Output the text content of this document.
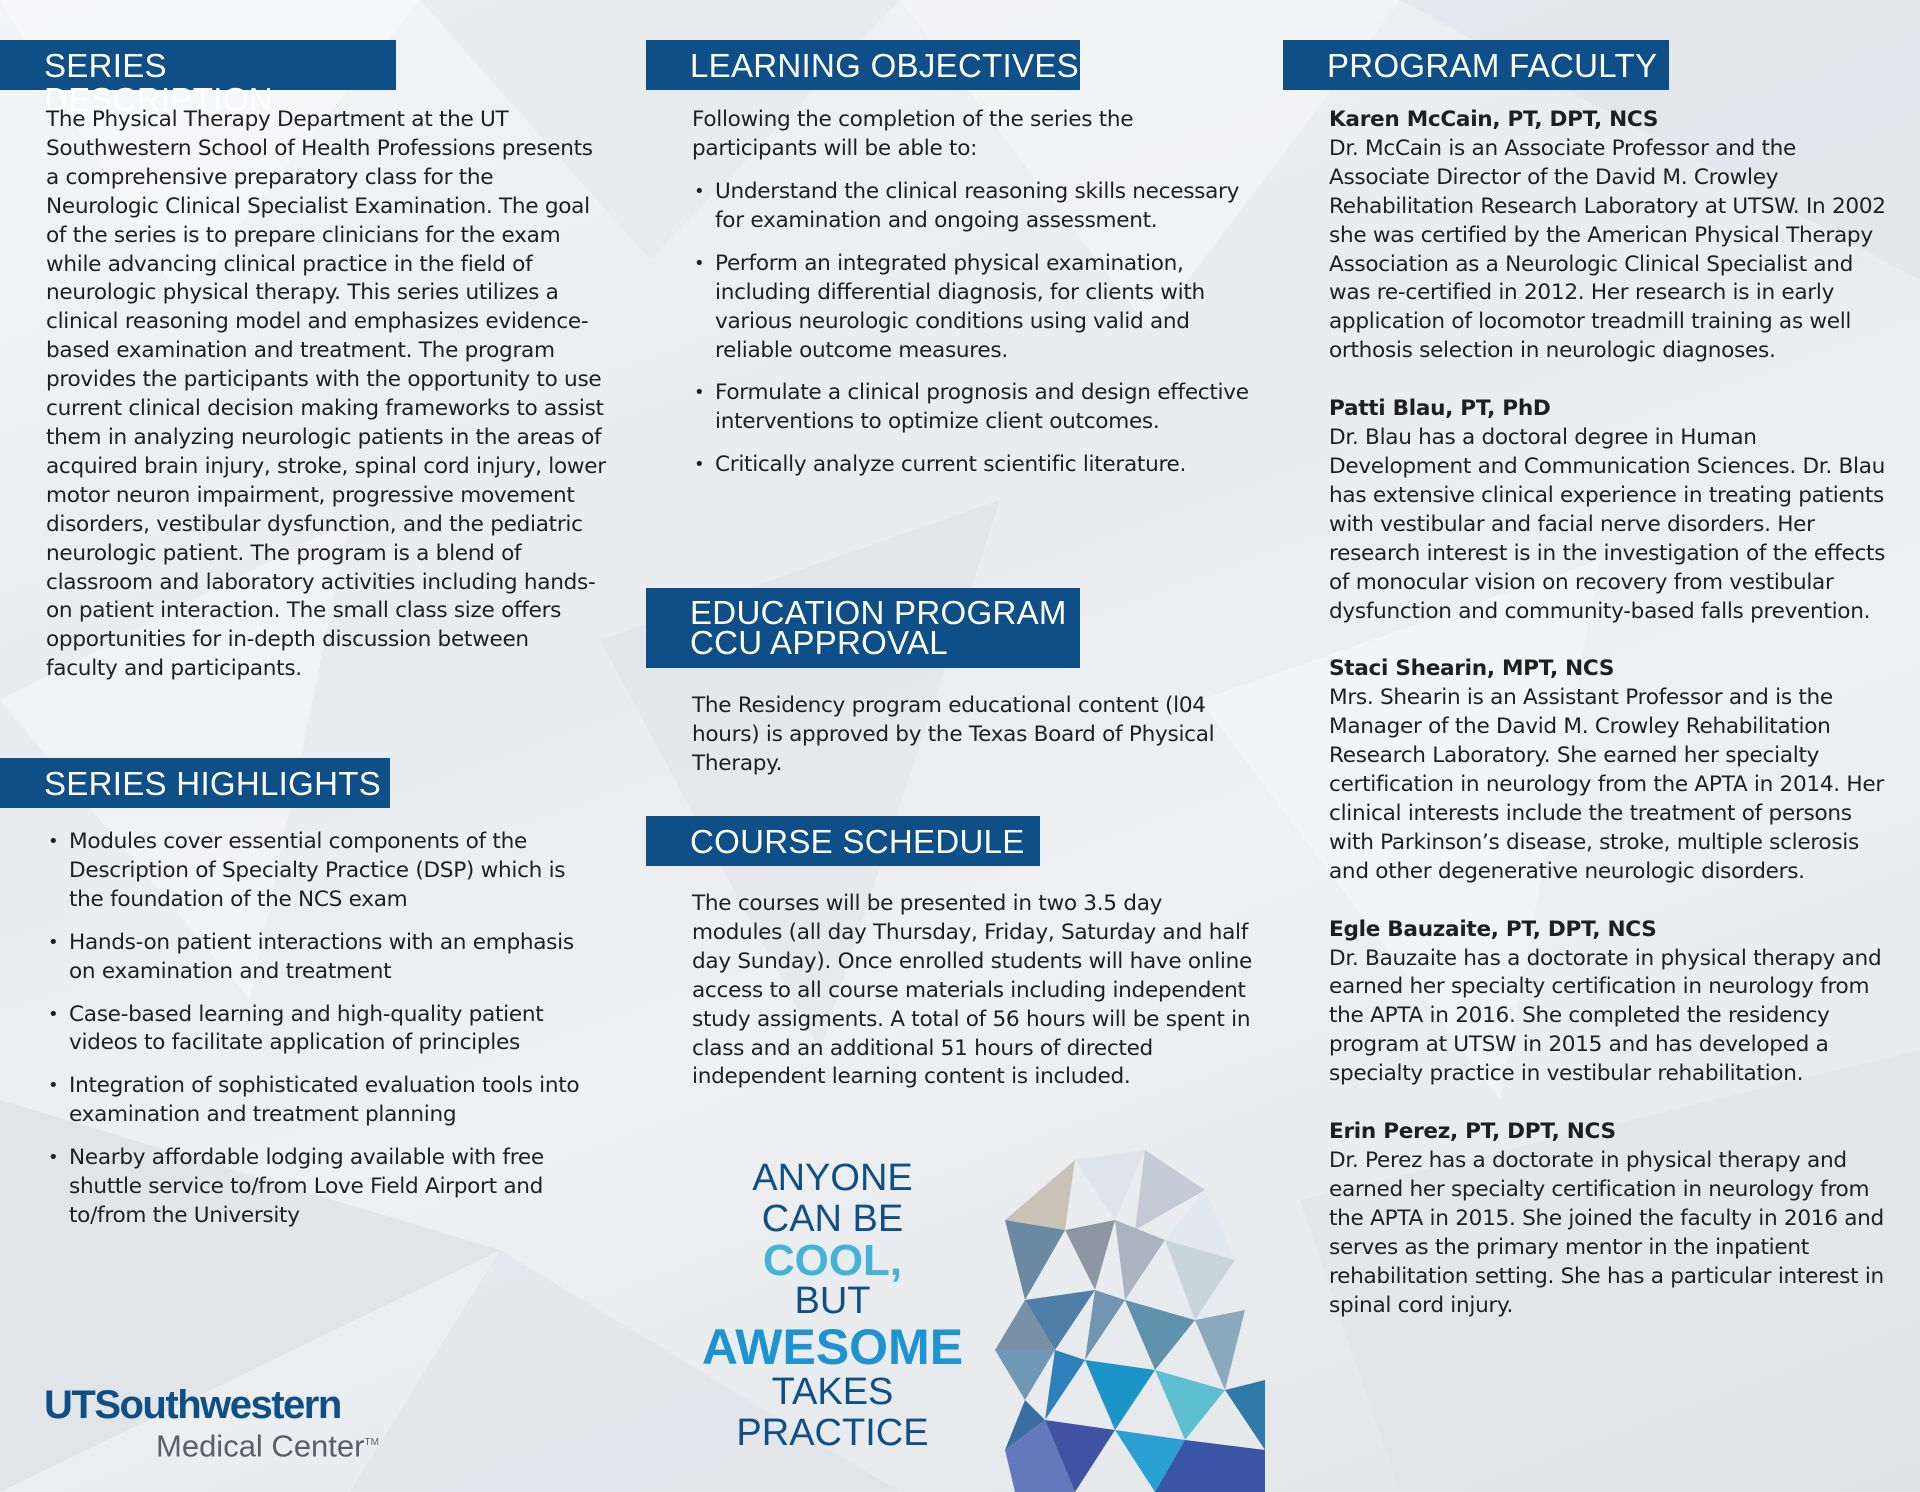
SERIES DESCRIPTION
The Physical Therapy Department at the UT Southwestern School of Health Professions presents a comprehensive preparatory class for the Neurologic Clinical Specialist Examination. The goal of the series is to prepare clinicians for the exam while advancing clinical practice in the field of neurologic physical therapy. This series utilizes a clinical reasoning model and emphasizes evidence-based examination and treatment. The program provides the participants with the opportunity to use current clinical decision making frameworks to assist them in analyzing neurologic patients in the areas of acquired brain injury, stroke, spinal cord injury, lower motor neuron impairment, progressive movement disorders, vestibular dysfunction, and the pediatric neurologic patient. The program is a blend of classroom and laboratory activities including hands-on patient interaction. The small class size offers opportunities for in-depth discussion between faculty and participants.
SERIES HIGHLIGHTS
• Modules cover essential components of the Description of Specialty Practice (DSP) which is the foundation of the NCS exam
• Hands-on patient interactions with an emphasis on examination and treatment
• Case-based learning and high-quality patient videos to facilitate application of principles
• Integration of sophisticated evaluation tools into examination and treatment planning
• Nearby affordable lodging available with free shuttle service to/from Love Field Airport and to/from the University
UTSouthwestern
Medical Center™
LEARNING OBJECTIVES
Following the completion of the series the participants will be able to:
• Understand the clinical reasoning skills necessary for examination and ongoing assessment.
• Perform an integrated physical examination, including differential diagnosis, for clients with various neurologic conditions using valid and reliable outcome measures.
• Formulate a clinical prognosis and design effective interventions to optimize client outcomes.
• Critically analyze current scientific literature.
EDUCATION PROGRAM
CCU APPROVAL
The Residency program educational content (l04 hours) is approved by the Texas Board of Physical Therapy.
COURSE SCHEDULE
The courses will be presented in two 3.5 day modules (all day Thursday, Friday, Saturday and half day Sunday). Once enrolled students will have online access to all course materials including independent study assigments. A total of 56 hours will be spent in class and an additional 51 hours of directed independent learning content is included.
ANYONE
CAN BE
COOL,
BUT
AWESOME
TAKES
PRACTICE
PROGRAM FACULTY
Karen McCain, PT, DPT, NCS
Dr. McCain is an Associate Professor and the Associate Director of the David M. Crowley Rehabilitation Research Laboratory at UTSW. In 2002 she was certified by the American Physical Therapy Association as a Neurologic Clinical Specialist and was re-certified in 2012. Her research is in early application of locomotor treadmill training as well orthosis selection in neurologic diagnoses.
Patti Blau, PT, PhD
Dr. Blau has a doctoral degree in Human Development and Communication Sciences. Dr. Blau has extensive clinical experience in treating patients with vestibular and facial nerve disorders. Her research interest is in the investigation of the effects of monocular vision on recovery from vestibular dysfunction and community-based falls prevention.
Staci Shearin, MPT, NCS
Mrs. Shearin is an Assistant Professor and is the Manager of the David M. Crowley Rehabilitation Research Laboratory. She earned her specialty certification in neurology from the APTA in 2014. Her clinical interests include the treatment of persons with Parkinson’s disease, stroke, multiple sclerosis and other degenerative neurologic disorders.
Egle Bauzaite, PT, DPT, NCS
Dr. Bauzaite has a doctorate in physical therapy and earned her specialty certification in neurology from the APTA in 2016. She completed the residency program at UTSW in 2015 and has developed a specialty practice in vestibular rehabilitation.
Erin Perez, PT, DPT, NCS
Dr. Perez has a doctorate in physical therapy and earned her specialty certification in neurology from the APTA in 2015. She joined the faculty in 2016 and serves as the primary mentor in the inpatient rehabilitation setting. She has a particular interest in spinal cord injury.
